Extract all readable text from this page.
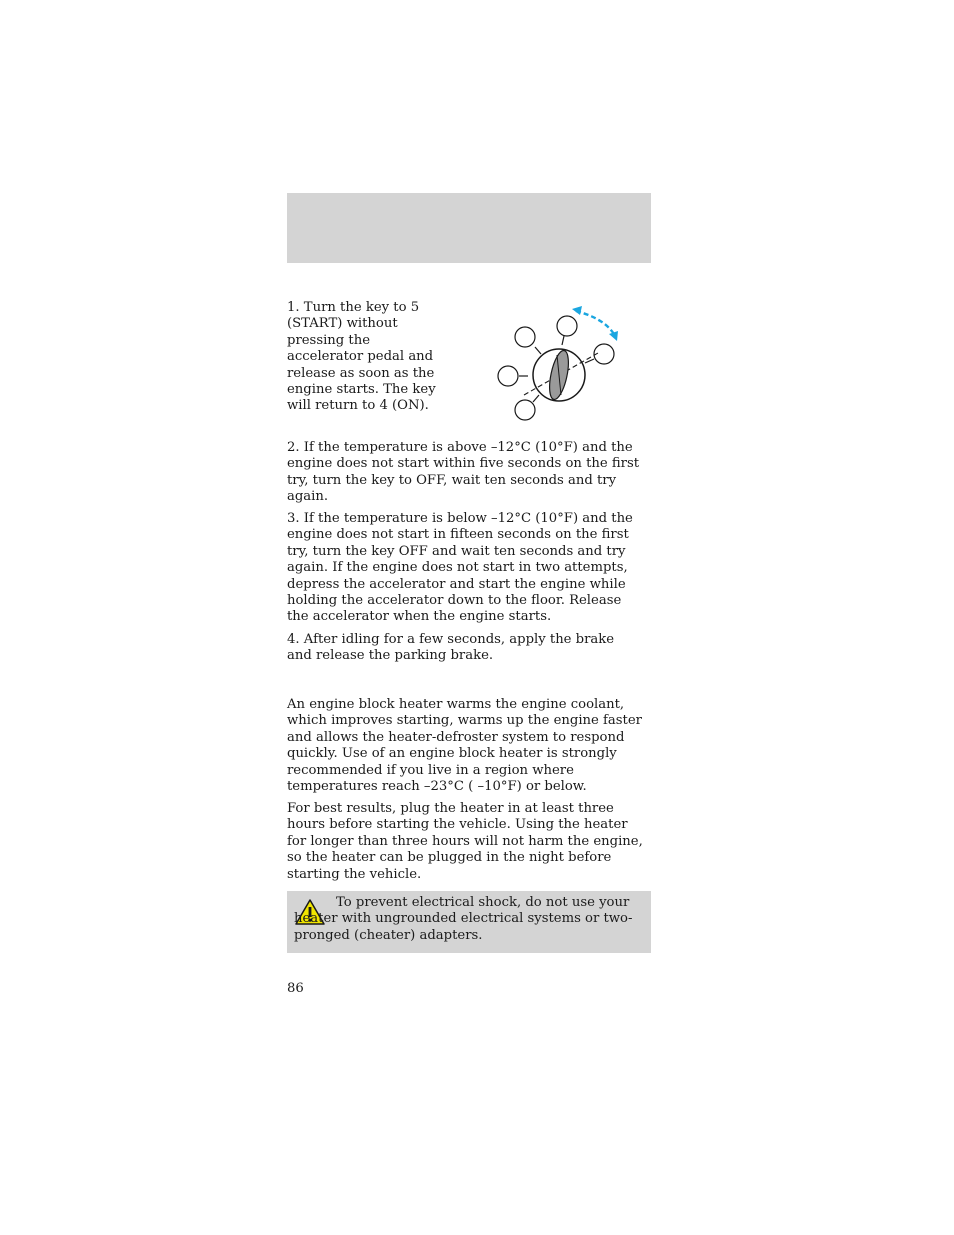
1. Turn the key to 5
(START) without
pressing the
accelerator pedal and
release as soon as the
engine starts. The key
will return to 4 (ON).

2. If the temperature is above –12°C (10°F) and the
engine does not start within five seconds on the first
try, turn the key to OFF, wait ten seconds and try
again.

3. If the temperature is below –12°C (10°F) and the
engine does not start in fifteen seconds on the first
try, turn the key OFF and wait ten seconds and try
again. If the engine does not start in two attempts,
depress the accelerator and start the engine while
holding the accelerator down to the floor. Release
the accelerator when the engine starts.

4. After idling for a few seconds, apply the brake
and release the parking brake.

An engine block heater warms the engine coolant,
which improves starting, warms up the engine faster
and allows the heater-defroster system to respond
quickly. Use of an engine block heater is strongly
recommended if you live in a region where
temperatures reach –23°C ( –10°F) or below.

For best results, plug the heater in at least three
hours before starting the vehicle. Using the heater
for longer than three hours will not harm the engine,
so the heater can be plugged in the night before
starting the vehicle.

To prevent electrical shock, do not use your heater with ungrounded electrical systems or two-pronged (cheater) adapters.

86
